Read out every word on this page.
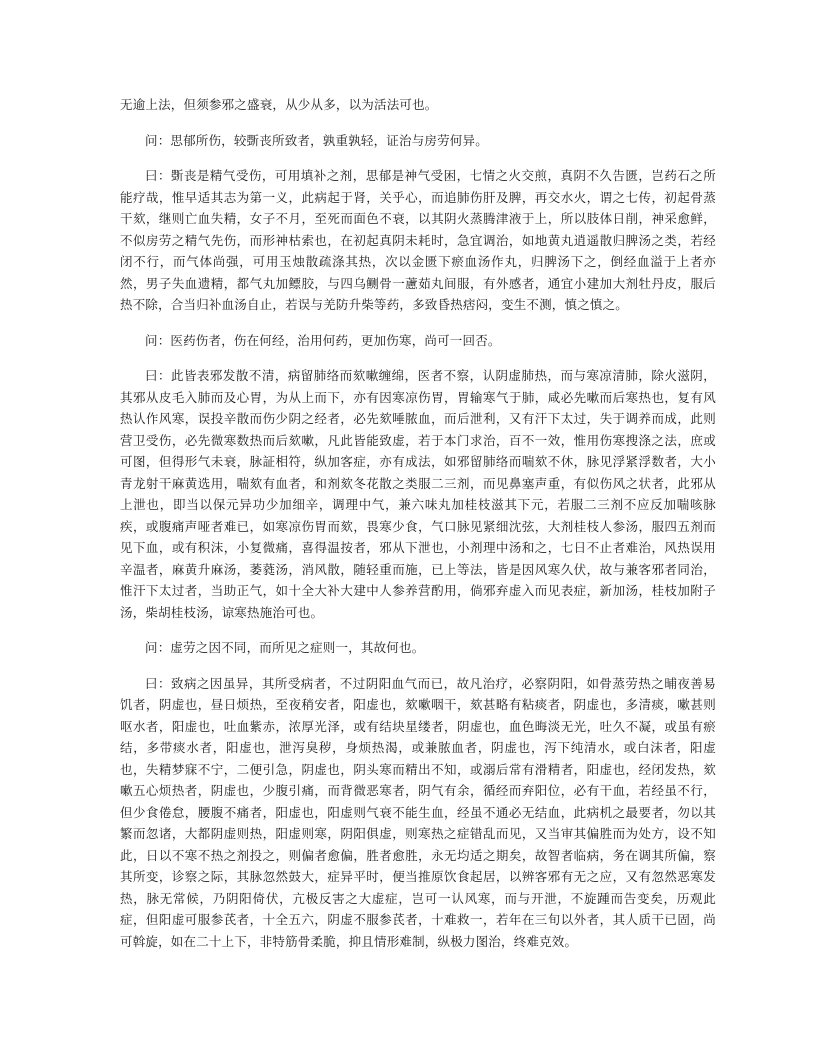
无逾上法，但须参邪之盛衰，从少从多，以为活法可也。

问：思郁所伤，较斲丧所致者，孰重孰轻，证治与房劳何异。

曰：斲丧是精气受伤，可用填补之剂，思郁是神气受困，七情之火交煎，真阴不久告匮，岂药石之所能疗哉，惟早适其志为第一义，此病起于肾，关乎心，而追肺伤肝及脾，再交水火，谓之七传，初起骨蒸干欬，继则亡血失精，女子不月，至死而面色不衰，以其阴火蒸腾津液于上，所以肢体日削，神采愈鲜，不似房劳之精气先伤，而形神枯索也，在初起真阴未耗时，急宜调治，如地黄丸逍遥散归脾汤之类，若经闭不行，而气体尚强，可用玉烛散疏涤其热，次以金匮下瘀血汤作丸，归脾汤下之，倒经血溢于上者亦然，男子失血遗精，都气丸加鳔胶，与四乌鲗骨一藘茹丸间服，有外感者，通宜小建加大剂牡丹皮，服后热不除，合当归补血汤自止，若误与羌防升柴等药，多致昏热痞闷，变生不测，慎之慎之。

问：医药伤者，伤在何经，治用何药，更加伤寒，尚可一回否。

曰：此皆表邪发散不清，病留肺络而欬嗽缠绵，医者不察，认阴虚肺热，而与寒凉清肺，除火滋阴，其邪从皮毛入肺而及心胃，为从上而下，亦有因寒凉伤胃，胃输寒气于肺，咸必先嗽而后寒热也，复有风热认作风寒，误投辛散而伤少阴之经者，必先欬唾脓血，而后泄利，又有汗下太过，失于调养而成，此则营卫受伤，必先微寒数热而后欬嗽，凡此皆能致虚，若于本门求治，百不一效，惟用伤寒搜涤之法，庶或可图，但得形气未衰，脉証相符，纵加客症，亦有成法，如邪留肺络而喘欬不休，脉见浮紧浮数者，大小青龙射干麻黄选用，喘欬有血者，和剂欬冬花散之类服二三剂，而见鼻塞声重，有似伤风之状者，此邪从上泄也，即当以保元异功少加细辛，调理中气，兼六味丸加桂枝滋其下元，若服二三剂不应反加喘咳脉疾，或腹痛声哑者难已，如寒凉伤胃而欬，畏寒少食，气口脉见紧细沈弦，大剂桂枝人参汤，服四五剂而见下血，或有积沫，小复微痛，喜得温按者，邪从下泄也，小剂理中汤和之，七日不止者难治，风热误用辛温者，麻黄升麻汤，萎蕤汤，消风散，随轻重而施，已上等法，皆是因风寒久伏，故与兼客邪者同治，惟汗下太过者，当助正气，如十全大补大建中人参养营酌用，倘邪弃虚入而见表症，新加汤，桂枝加附子汤，柴胡桂枝汤，谅寒热施治可也。

问：虚劳之因不同，而所见之症则一，其故何也。

曰：致病之因虽异，其所受病者，不过阴阳血气而已，故凡治疗，必察阴阳，如骨蒸劳热之晡夜善易饥者，阴虚也，昼日烦热，至夜稍安者，阳虚也，欬嗽咽干，欬甚略有粘痰者，阴虚也，多清痰，嗽甚则呕水者，阳虚也，吐血紫赤，浓厚光泽，或有结块星缕者，阴虚也，血色晦淡无光，吐久不凝，或虽有瘀结，多带痰水者，阳虚也，泄泻臭秽，身烦热渴，或兼脓血者，阴虚也，泻下纯清水，或白沫者，阳虚也，失精梦寐不宁，二便引急，阴虚也，阴头寒而精出不知，或溺后常有滑精者，阳虚也，经闭发热，欬嗽五心烦热者，阴虚也，少腹引痛，而背微恶寒者，阴气有余，循经而弃阳位，必有干血，若经虽不行，但少食倦怠，腰腹不痛者，阳虚也，阳虚则气衰不能生血，经虽不通必无结血，此病机之最要者，勿以其繁而忽诸，大都阴虚则热，阳虚则寒，阴阳俱虚，则寒热之症错乱而见，又当审其偏胜而为处方，设不知此，日以不寒不热之剂投之，则偏者愈偏，胜者愈胜，永无均适之期矣，故智者临病，务在调其所偏，察其所变，诊察之际，其脉忽然鼓大，症异平时，便当推原饮食起居，以辨客邪有无之应，又有忽然恶寒发热，脉无常候，乃阴阳倚伏，亢极反害之大虚症，岂可一认风寒，而与开泄，不旋踵而告变矣，历观此症，但阳虚可服参芪者，十全五六，阴虚不服参芪者，十难救一，若年在三旬以外者，其人质干已固，尚可斡旋，如在二十上下，非特筋骨柔脆，抑且情形难制，纵极力图治，终难克效。
